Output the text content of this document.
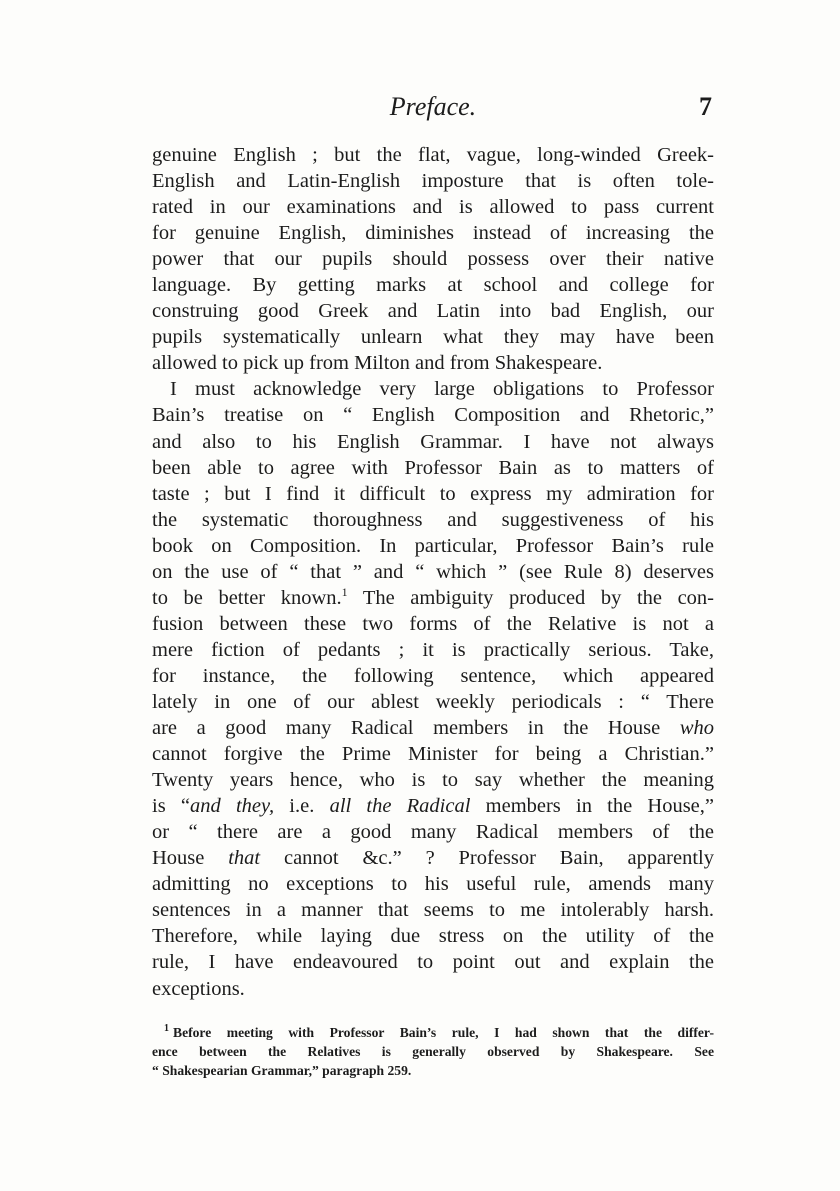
Preface.	7
genuine English ; but the flat, vague, long-winded Greek-
English and Latin-English imposture that is often tole-
rated in our examinations and is allowed to pass current
for genuine English, diminishes instead of increasing the
power that our pupils should possess over their native
language. By getting marks at school and college for
construing good Greek and Latin into bad English, our
pupils systematically unlearn what they may have been
allowed to pick up from Milton and from Shakespeare.
I must acknowledge very large obligations to Professor
Bain’s treatise on “ English Composition and Rhetoric,”
and also to his English Grammar. I have not always
been able to agree with Professor Bain as to matters of
taste ; but I find it difficult to express my admiration for
the systematic thoroughness and suggestiveness of his
book on Composition. In particular, Professor Bain’s rule
on the use of “ that ” and “ which ” (see Rule 8) deserves
to be better known.$^1$ The ambiguity produced by the con-
fusion between these two forms of the Relative is not a
mere fiction of pedants ; it is practically serious. Take,
for instance, the following sentence, which appeared
lately in one of our ablest weekly periodicals : “ There
are a good many Radical members in the House who
cannot forgive the Prime Minister for being a Christian.”
Twenty years hence, who is to say whether the meaning
is “and they, i.e. all the Radical members in the House,”
or “ there are a good many Radical members of the
House that cannot &c.” ? Professor Bain, apparently
admitting no exceptions to his useful rule, amends many
sentences in a manner that seems to me intolerably harsh.
Therefore, while laying due stress on the utility of the
rule, I have endeavoured to point out and explain the
exceptions.
$^1$ Before meeting with Professor Bain’s rule, I had shown that the differ-
ence between the Relatives is generally observed by Shakespeare. See
“ Shakespearian Grammar,” paragraph 259.
